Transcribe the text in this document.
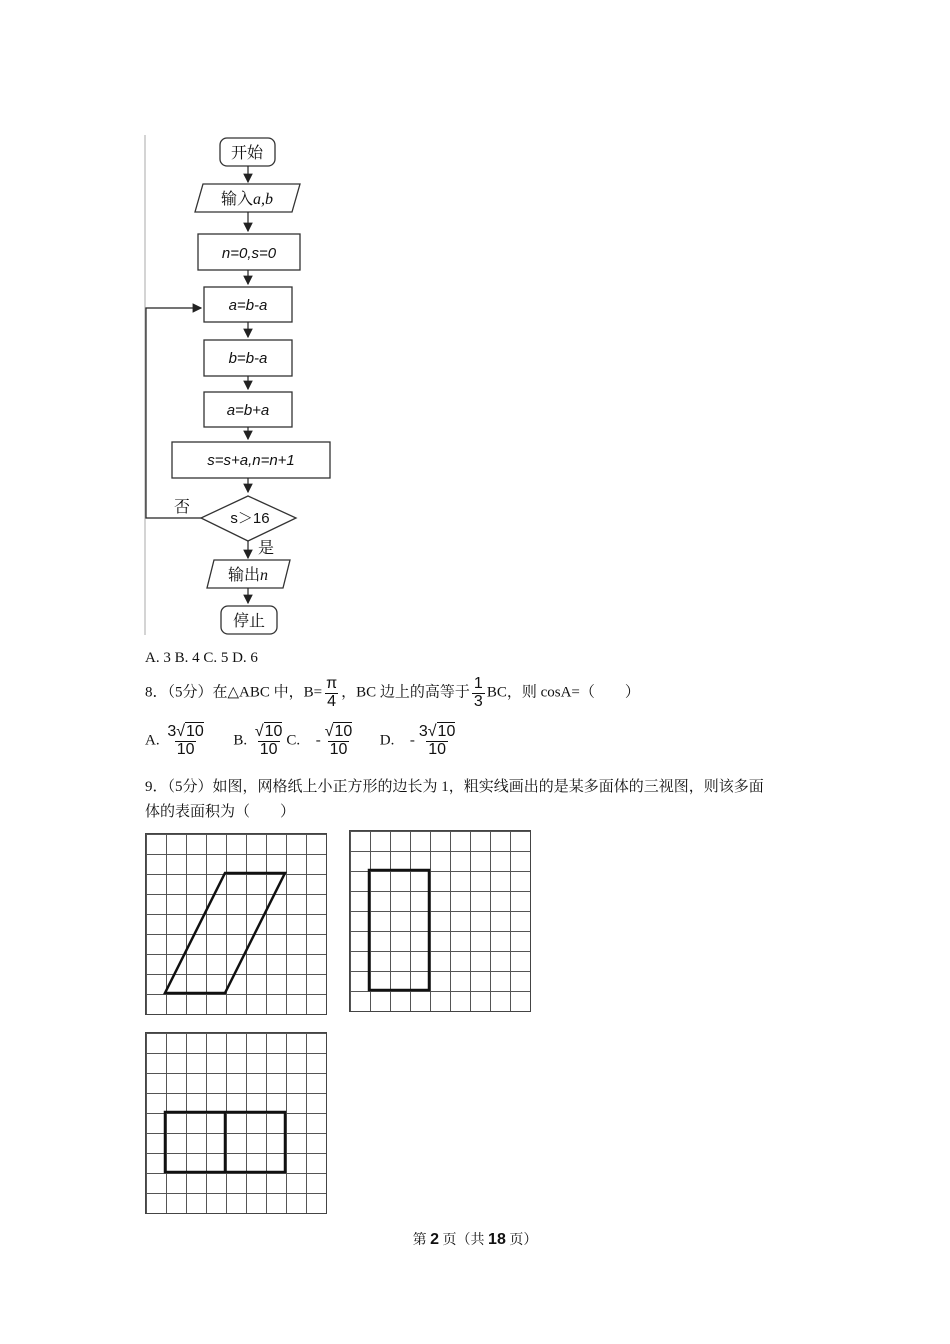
开始
输入a,b
n=0,s=0
a=b-a
b=b-a
a=b+a
s=s+a,n=n+1
s＞16
否
是
输出n
停止
A. 3 B. 4 C. 5 D. 6
8．（5分）在△ABC 中，$B= \frac{\pi}{4}$ ，BC 边上的高等于 $\frac{1}{3}$ BC，则 cosA=（　　）
A. $\frac{3√10}{10} B$. $\frac{√10}{10} C$. - $\frac{√10}{10} D$. - $\frac{3√10}{10}$
9．（5分）如图，网格纸上小正方形的边长为 1，粗实线画出的是某多面体的三视图，则该多面
体的表面积为（　　）
第 2 页（共 18 页）
